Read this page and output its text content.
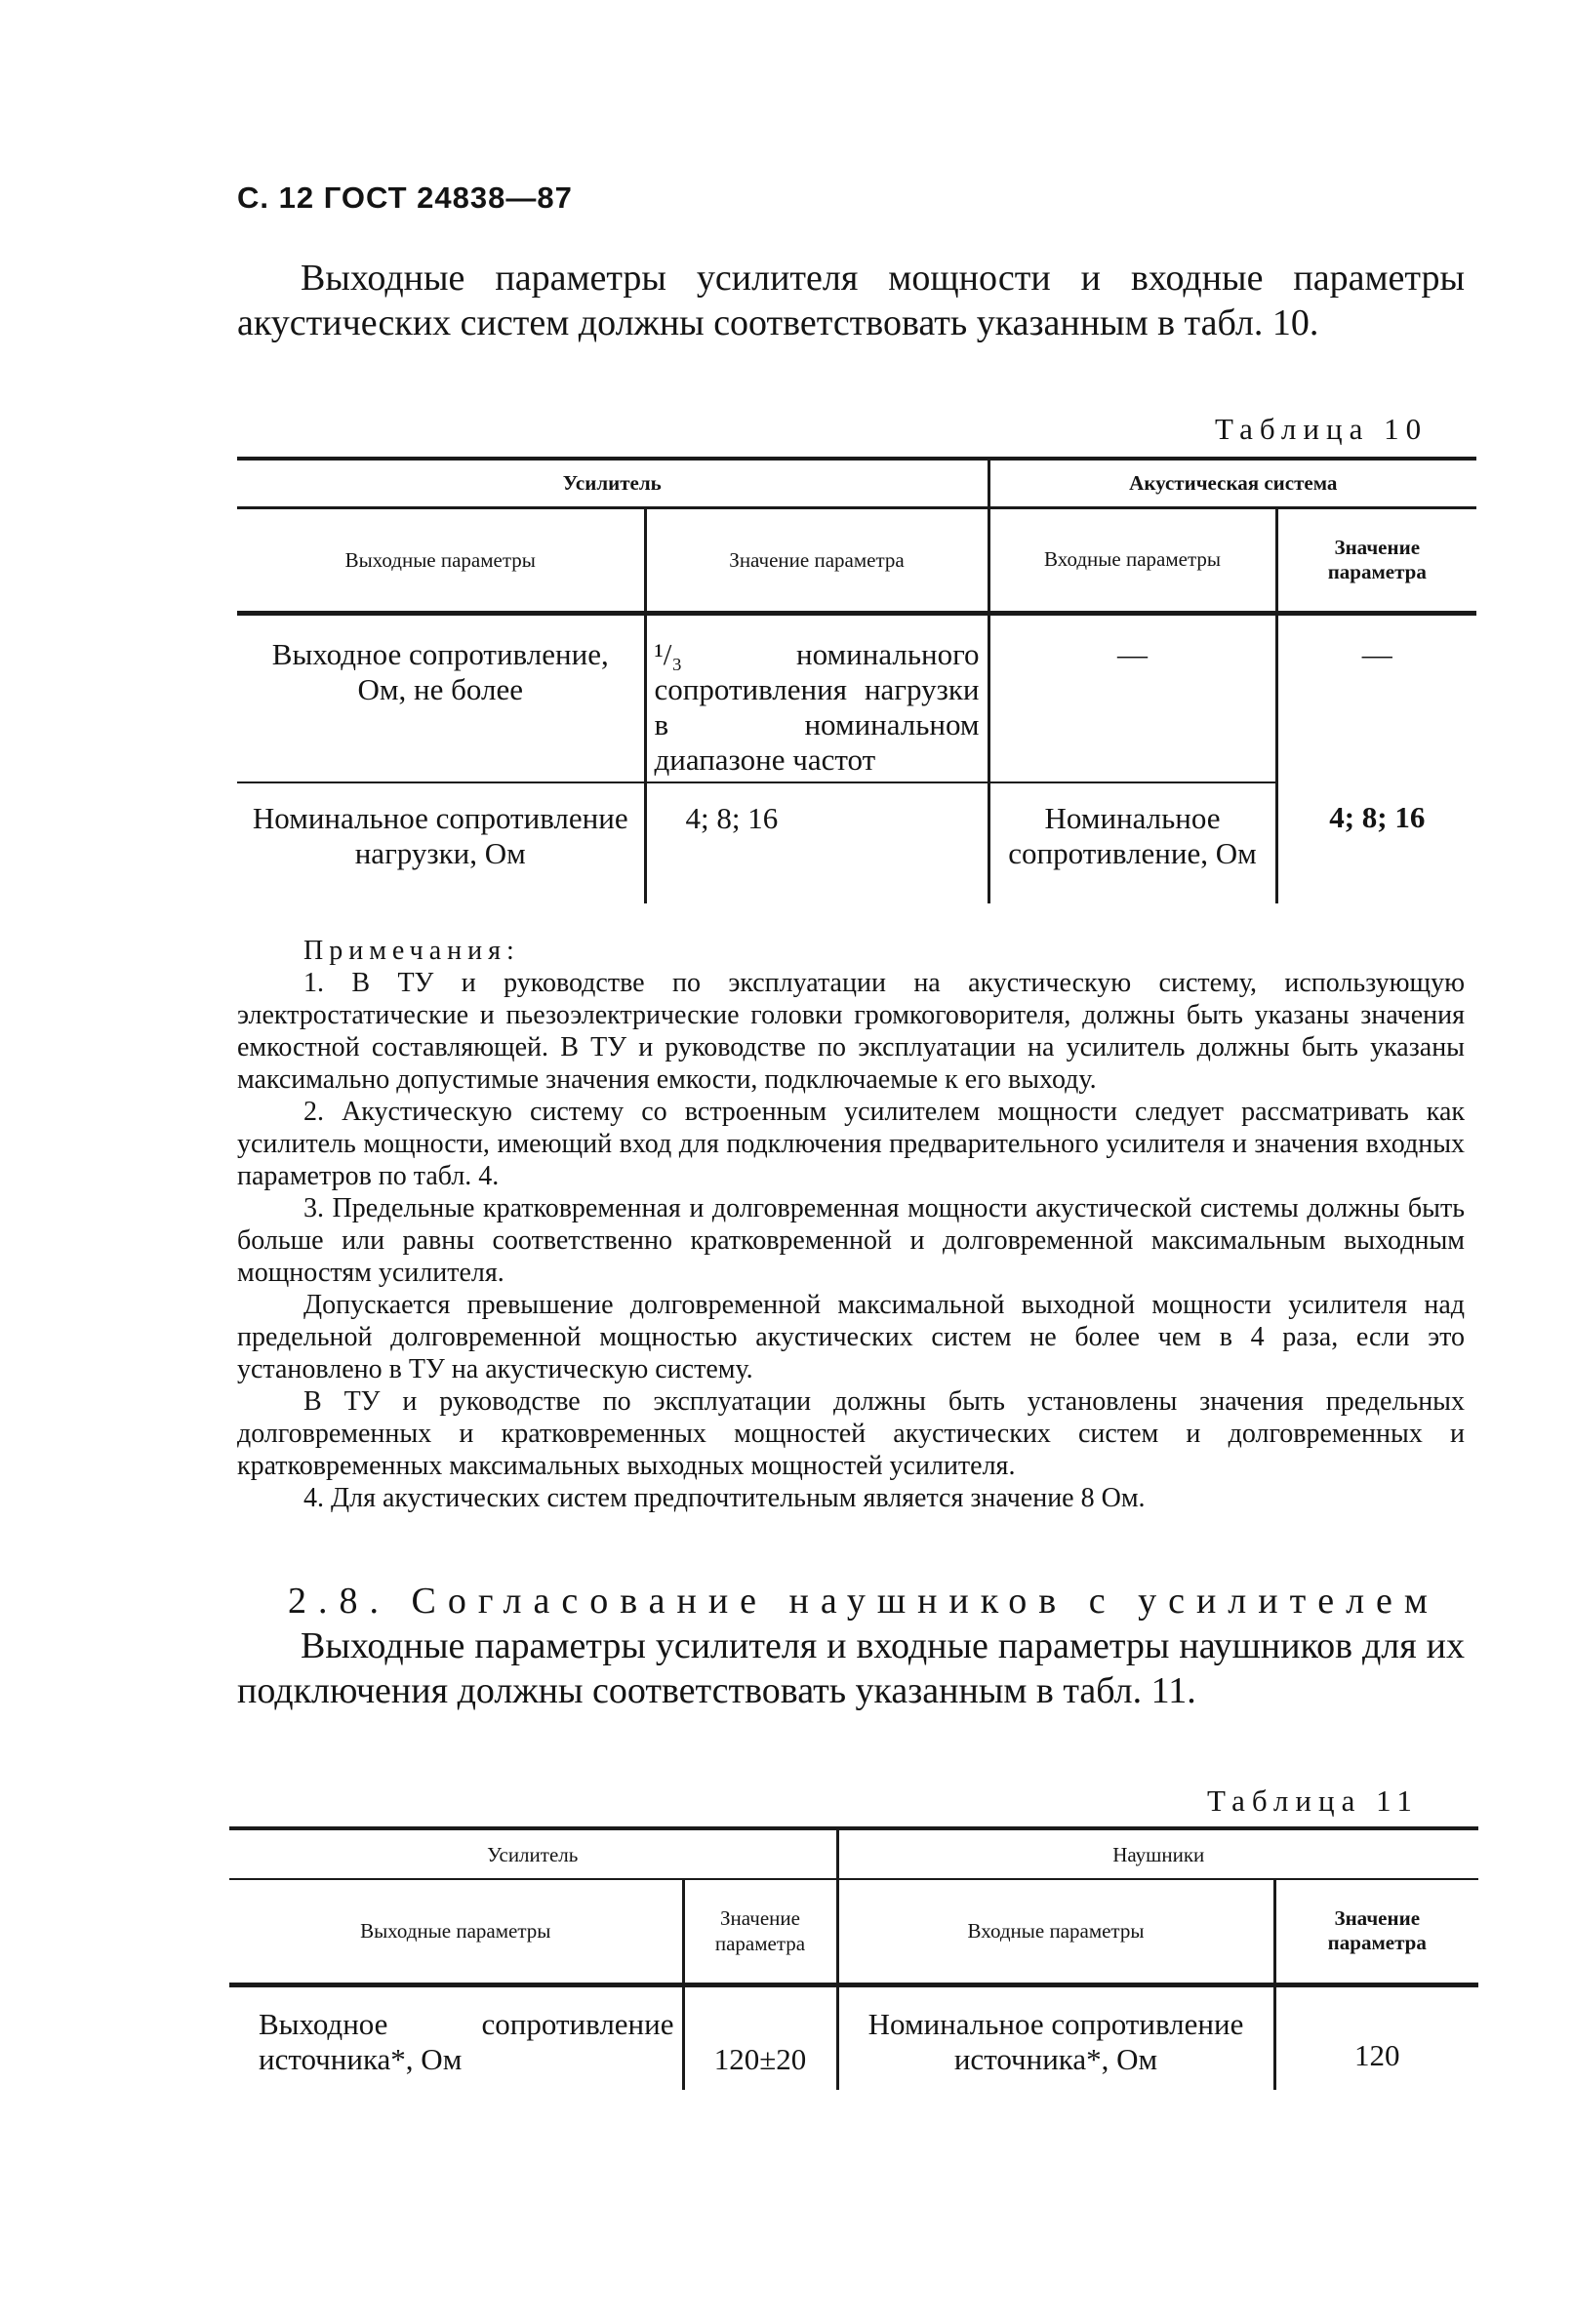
С. 12 ГОСТ 24838—87

Выходные параметры усилителя мощности и входные параметры акустических систем должны соответствовать указанным в табл. 10.

Таблица 10
Усилитель		Акустическая система	
Выходные параметры	Значение параметра	Входные параметры	Значение параметра
Выходное сопротивление, Ом, не более	¹/₃ номинального сопротивления нагрузки в номинальном диапазоне частот	—	—
Номинальное сопротивление нагрузки, Ом	4; 8; 16	Номинальное сопротивление, Ом	4; 8; 16

Примечания:

1. В ТУ и руководстве по эксплуатации на акустическую систему, использующую электростатические и пьезоэлектрические головки громкоговорителя, должны быть указаны значения емкостной составляющей. В ТУ и руководстве по эксплуатации на усилитель должны быть указаны максимально допустимые значения емкости, подключаемые к его выходу.

2. Акустическую систему со встроенным усилителем мощности следует рассматривать как усилитель мощности, имеющий вход для подключения предварительного усилителя и значения входных параметров по табл. 4.

3. Предельные кратковременная и долговременная мощности акустической системы должны быть больше или равны соответственно кратковременной и долговременной максимальным выходным мощностям усилителя.

Допускается превышение долговременной максимальной выходной мощности усилителя над предельной долговременной мощностью акустических систем не более чем в 4 раза, если это установлено в ТУ на акустическую систему.

В ТУ и руководстве по эксплуатации должны быть установлены значения предельных долговременных и кратковременных мощностей акустических систем и долговременных и кратковременных максимальных выходных мощностей усилителя.

4. Для акустических систем предпочтительным является значение 8 Ом.

2.8. Согласование наушников с усилителем

Выходные параметры усилителя и входные параметры наушников для их подключения должны соответствовать указанным в табл. 11.

Таблица 11
Усилитель		Наушники	
Выходные параметры	Значение параметра	Входные параметры	Значение параметра
Выходное сопротивление источника*, Ом	120±20	Номинальное сопротивление источника*, Ом	120
